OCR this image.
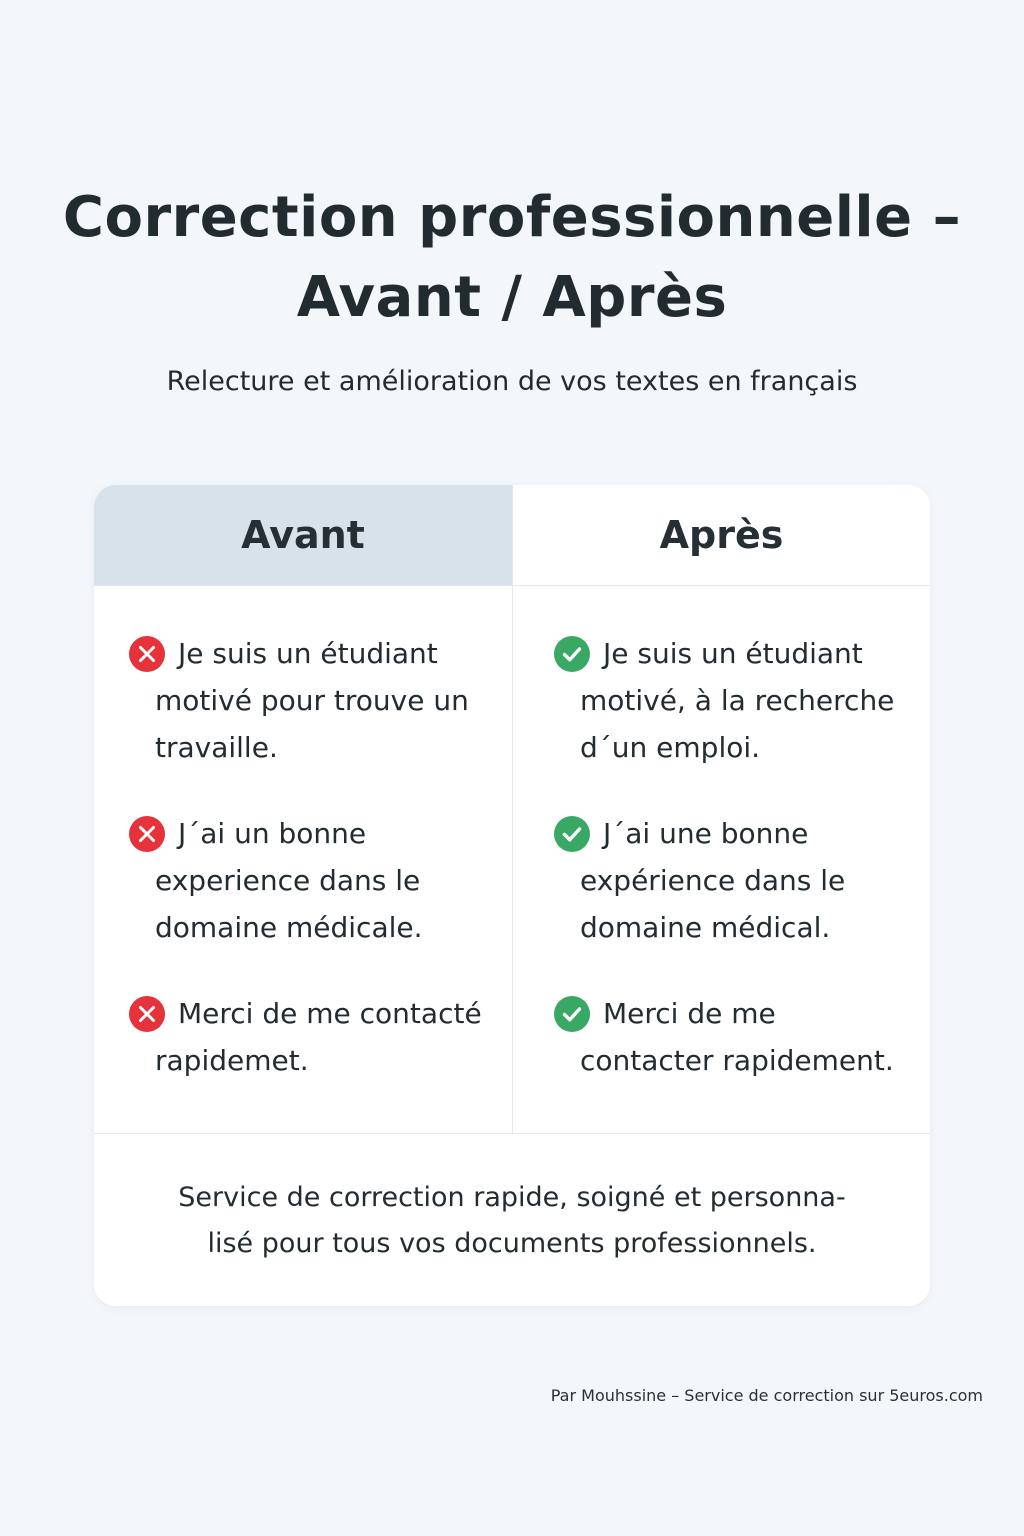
Correction professionnelle –
Avant / Après
Relecture et amélioration de vos textes en français
Avant	Après
Je suis un étudiant motivé pour trouve un travaille.
J´ai un bonne experience dans le domaine médicale.
Merci de me contacté rapidemet.
Je suis un étudiant motivé, à la recherche d´un emploi.
J´ai une bonne expérience dans le domaine médical.
Merci de me contacter rapidement.
Service de correction rapide, soigné et personna-
lisé pour tous vos documents professionnels.
Par Mouhssine – Service de correction sur 5euros.com
